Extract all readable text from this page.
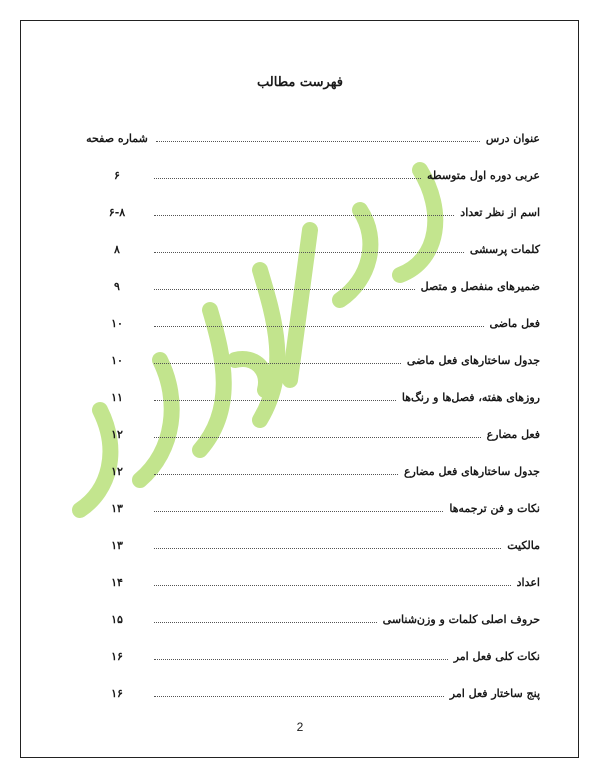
فهرست مطالب
عنوان درس
شماره صفحه
عربی دوره اول متوسطه
۶
اسم از نظر تعداد
۶-۸
کلمات پرسشی
۸
ضمیرهای منفصل و متصل
۹
فعل ماضی
۱۰
جدول ساختارهای فعل ماضی
۱۰
روزهای هفته، فصل‌ها و رنگ‌ها
۱۱
فعل مضارع
۱۲
جدول ساختارهای فعل مضارع
۱۲
نکات و فن ترجمه‌ها
۱۳
مالکیت
۱۳
اعداد
۱۴
حروف اصلی کلمات و وزن‌شناسی
۱۵
نکات کلی فعل امر
۱۶
پنج ساختار فعل امر
۱۶
2
